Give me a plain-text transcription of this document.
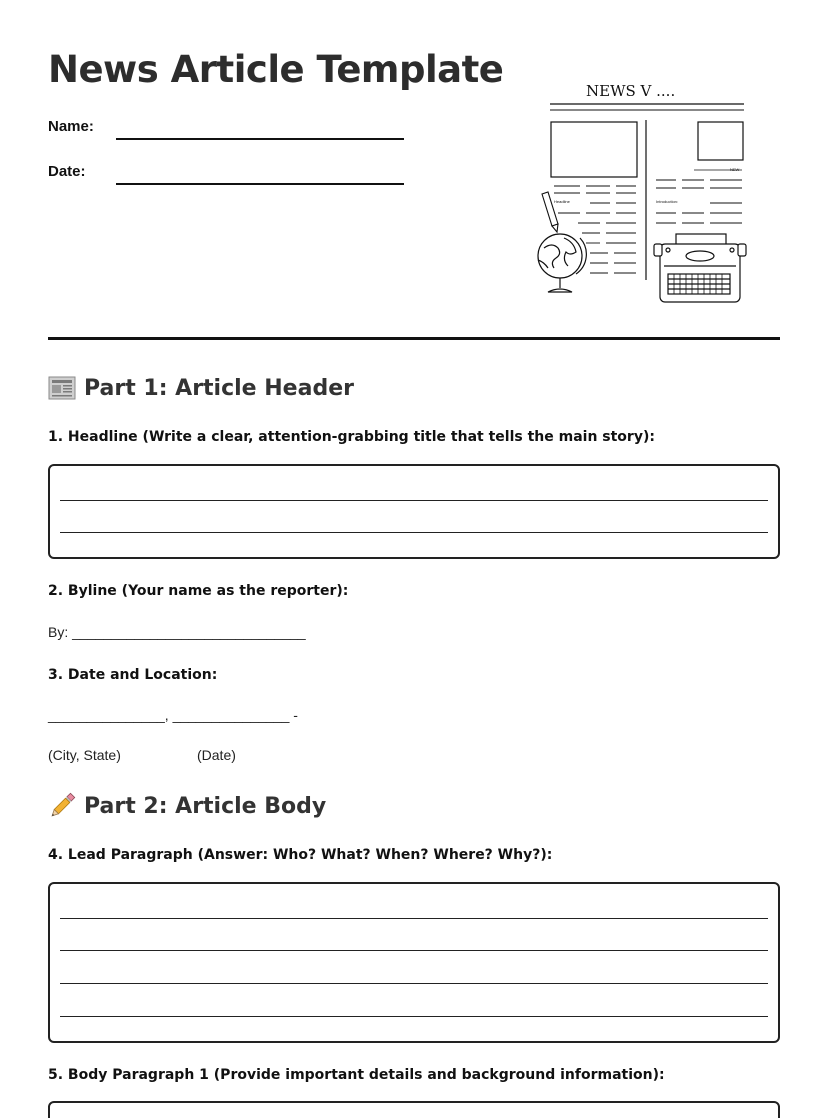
News Article Template
Name:
Date:
NEWS V ....
NEW
Headline	Introduction:
Part 1: Article Header
1. Headline (Write a clear, attention-grabbing title that tells the main story):
2. Byline (Your name as the reporter):
By: ______________________________
3. Date and Location:
_______________, _______________ -
(City, State)	(Date)
Part 2: Article Body
4. Lead Paragraph (Answer: Who? What? When? Where? Why?):
5. Body Paragraph 1 (Provide important details and background information):
